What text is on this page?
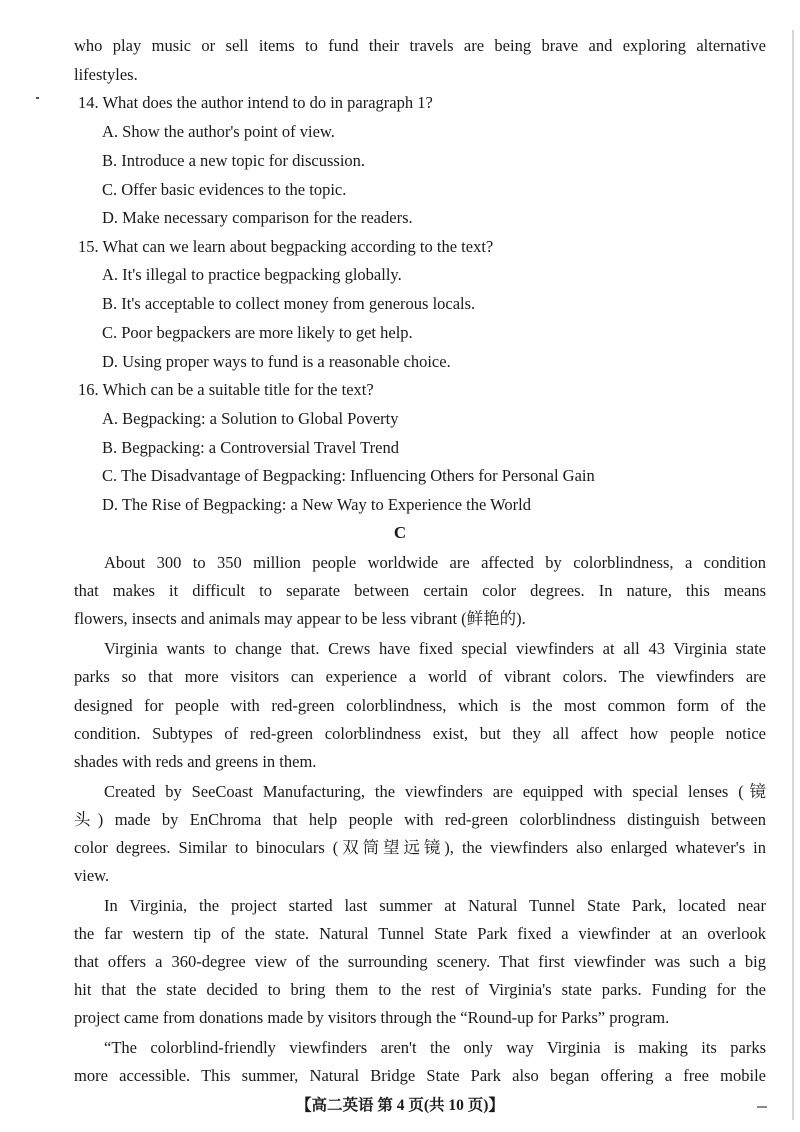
who play music or sell items to fund their travels are being brave and exploring alternative
lifestyles.
14. What does the author intend to do in paragraph 1?
A. Show the author's point of view.
B. Introduce a new topic for discussion.
C. Offer basic evidences to the topic.
D. Make necessary comparison for the readers.
15. What can we learn about begpacking according to the text?
A. It's illegal to practice begpacking globally.
B. It's acceptable to collect money from generous locals.
C. Poor begpackers are more likely to get help.
D. Using proper ways to fund is a reasonable choice.
16. Which can be a suitable title for the text?
A. Begpacking: a Solution to Global Poverty
B. Begpacking: a Controversial Travel Trend
C. The Disadvantage of Begpacking: Influencing Others for Personal Gain
D. The Rise of Begpacking: a New Way to Experience the World
C
About 300 to 350 million people worldwide are affected by colorblindness, a condition
that makes it difficult to separate between certain color degrees. In nature, this means
flowers, insects and animals may appear to be less vibrant (鲜艳的).
Virginia wants to change that. Crews have fixed special viewfinders at all 43 Virginia state
parks so that more visitors can experience a world of vibrant colors. The viewfinders are
designed for people with red-green colorblindness, which is the most common form of the
condition. Subtypes of red-green colorblindness exist, but they all affect how people notice
shades with reds and greens in them.
Created by SeeCoast Manufacturing, the viewfinders are equipped with special lenses (镜
头) made by EnChroma that help people with red-green colorblindness distinguish between
color degrees. Similar to binoculars (双筒望远镜), the viewfinders also enlarged whatever's in
view.
In Virginia, the project started last summer at Natural Tunnel State Park, located near
the far western tip of the state. Natural Tunnel State Park fixed a viewfinder at an overlook
that offers a 360-degree view of the surrounding scenery. That first viewfinder was such a big
hit that the state decided to bring them to the rest of Virginia's state parks. Funding for the
project came from donations made by visitors through the “Round-up for Parks” program.
“The colorblind-friendly viewfinders aren't the only way Virginia is making its parks
more accessible. This summer, Natural Bridge State Park also began offering a free mobile
【高二英语 第 4 页(共 10 页)】
